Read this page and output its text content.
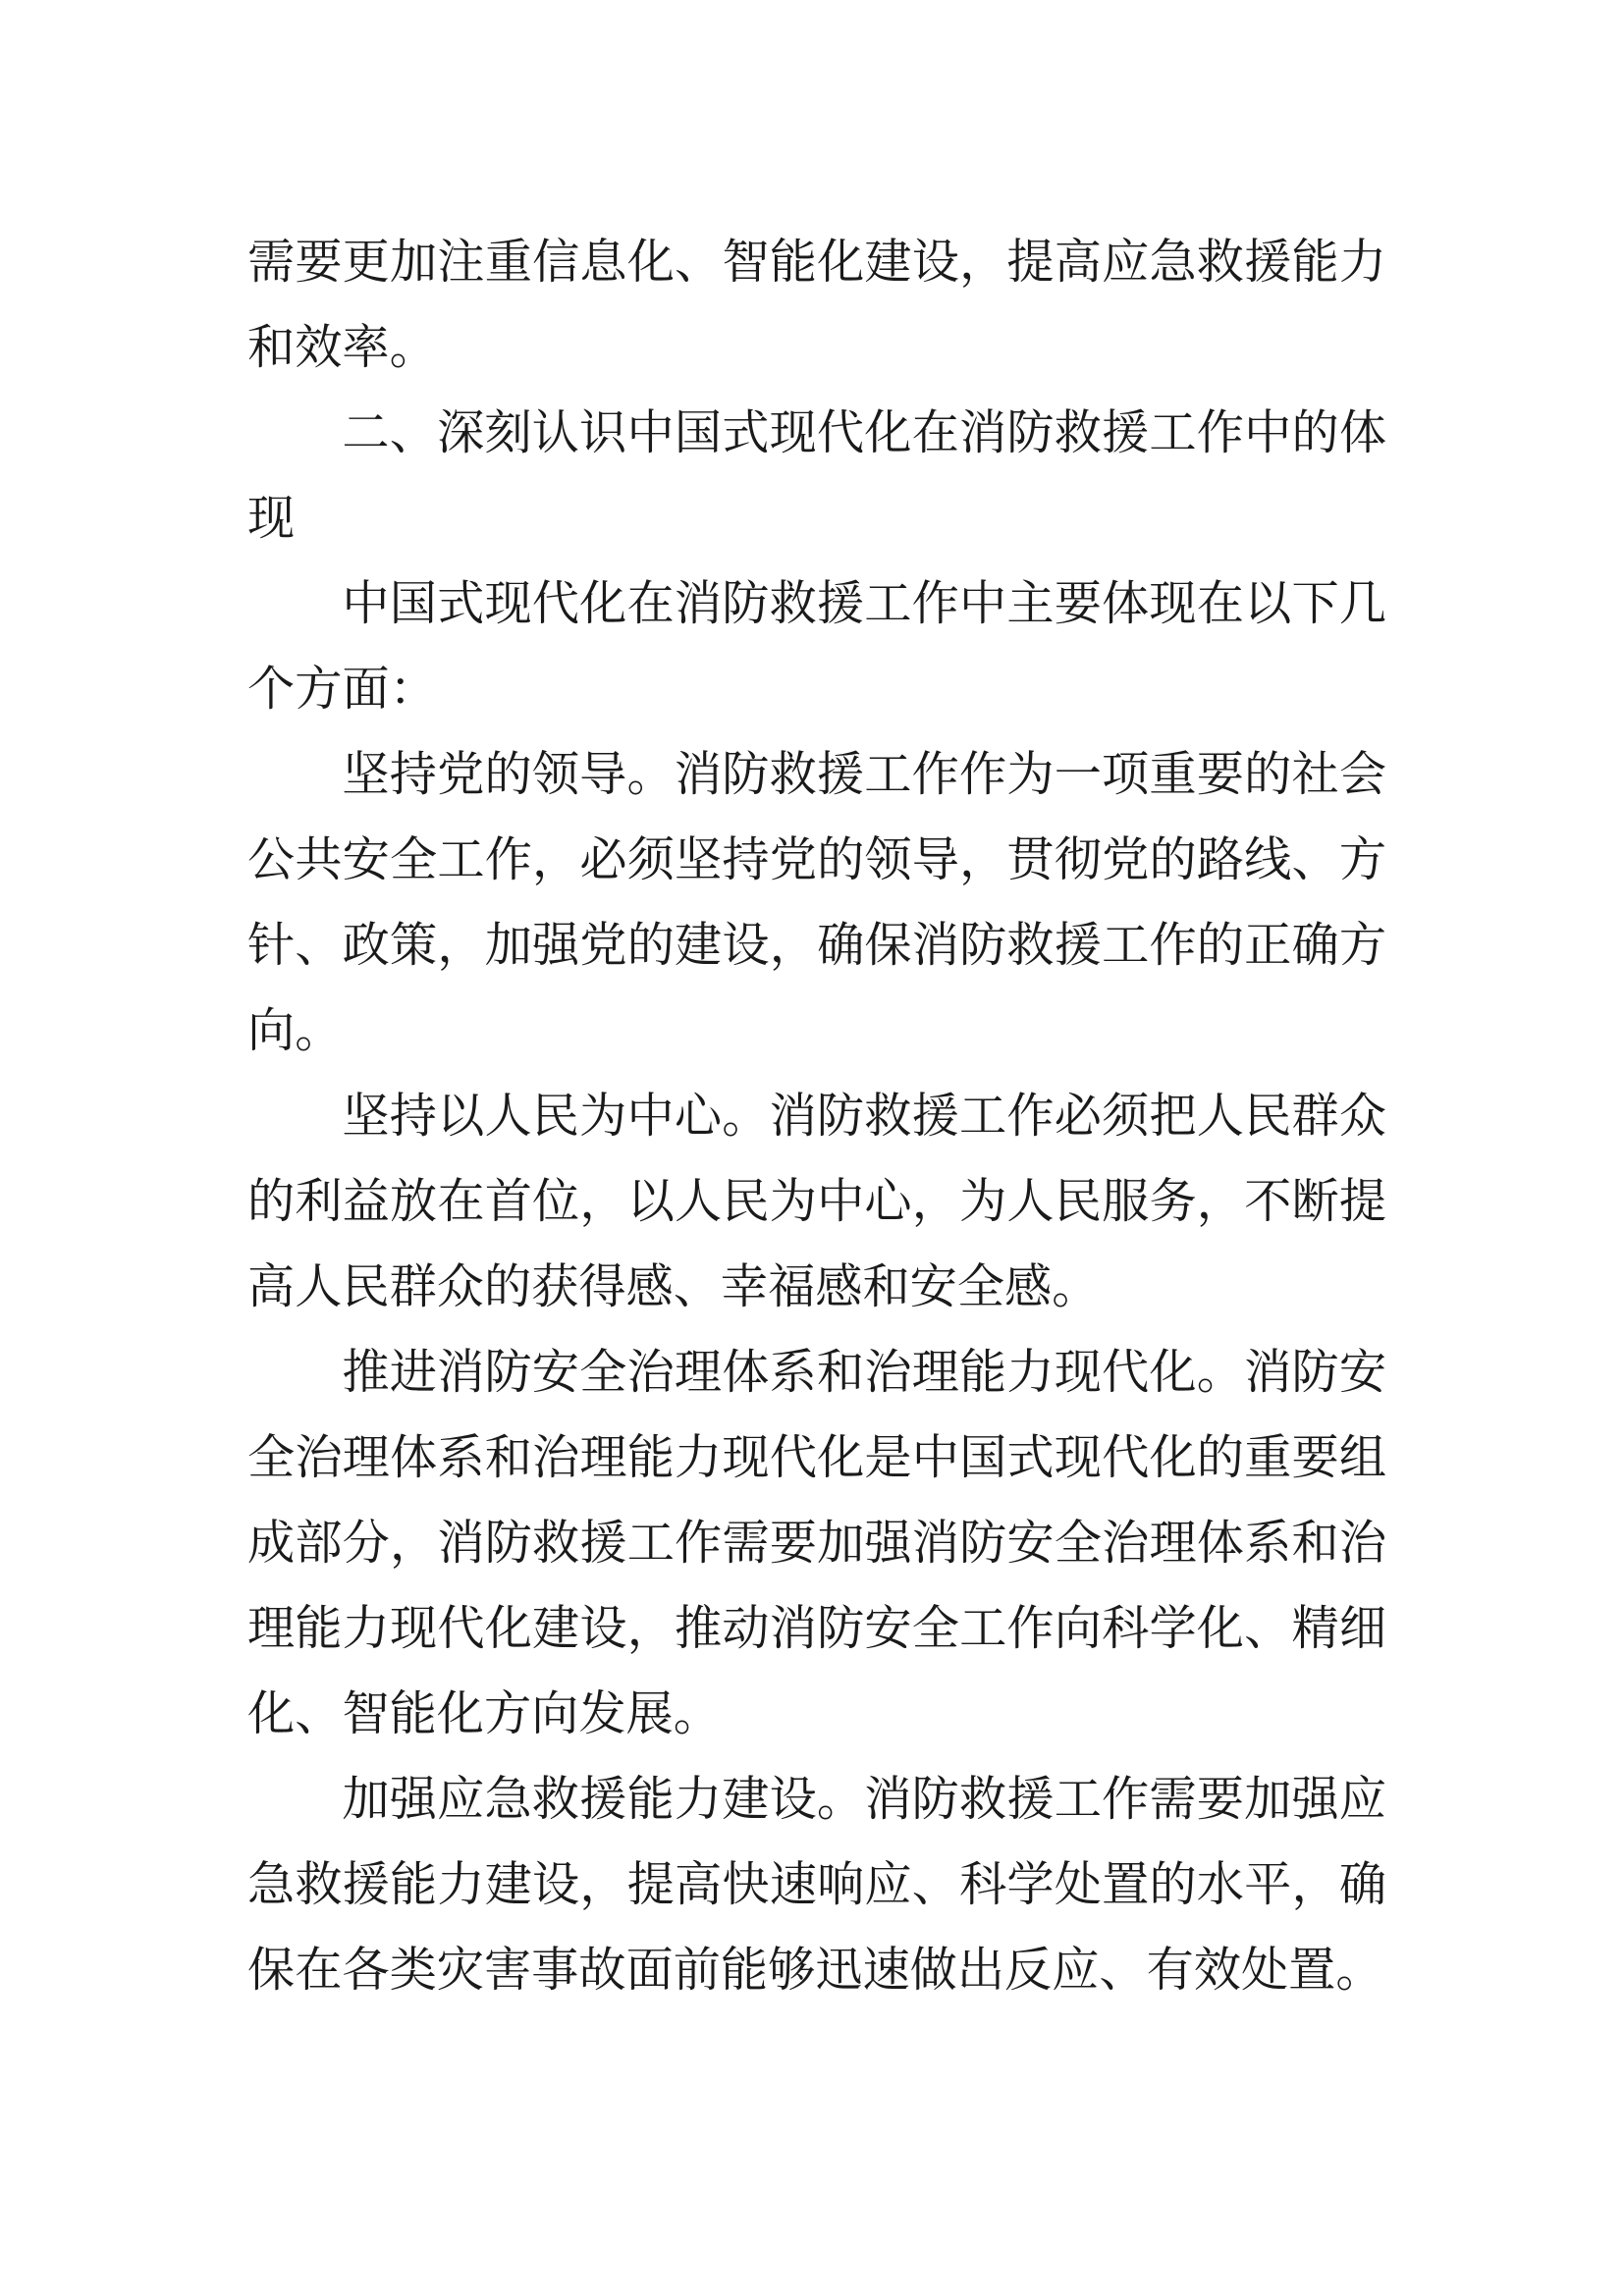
需要更加注重信息化、智能化建设，提高应急救援能力和效率。

二、深刻认识中国式现代化在消防救援工作中的体现

中国式现代化在消防救援工作中主要体现在以下几个方面：

坚持党的领导。消防救援工作作为一项重要的社会公共安全工作，必须坚持党的领导，贯彻党的路线、方针、政策，加强党的建设，确保消防救援工作的正确方向。

坚持以人民为中心。消防救援工作必须把人民群众的利益放在首位，以人民为中心，为人民服务，不断提高人民群众的获得感、幸福感和安全感。

推进消防安全治理体系和治理能力现代化。消防安全治理体系和治理能力现代化是中国式现代化的重要组成部分，消防救援工作需要加强消防安全治理体系和治理能力现代化建设，推动消防安全工作向科学化、精细化、智能化方向发展。

加强应急救援能力建设。消防救援工作需要加强应急救援能力建设，提高快速响应、科学处置的水平，确保在各类灾害事故面前能够迅速做出反应、有效处置。
